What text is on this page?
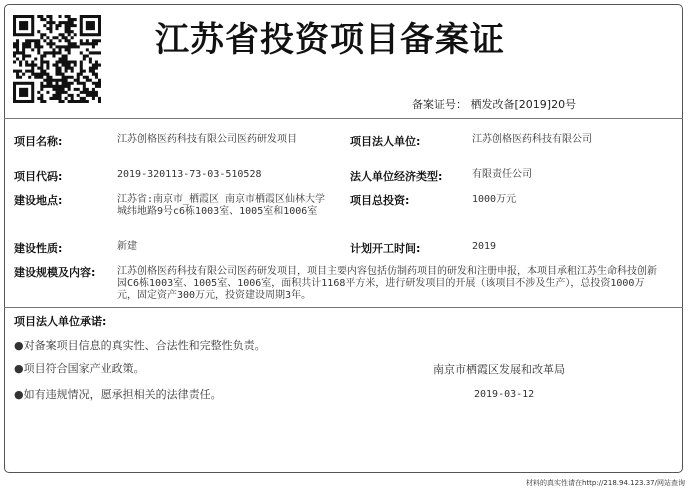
江苏省投资项目备案证
备案证号： 栖发改备[2019]20号
项目名称:	江苏创格医药科技有限公司医药研发项目	项目法人单位:	江苏创格医药科技有限公司
项目代码:	2019-320113-73-03-510528	法人单位经济类型:	有限责任公司
建设地点:	江苏省:南京市_栖霞区 南京市栖霞区仙林大学城纬地路9号c6栋1003室、1005室和1006室
项目总投资:	1000万元
建设性质:	新建	计划开工时间:	2019
建设规模及内容: 江苏创格医药科技有限公司医药研发项目，项目主要内容包括仿制药项目的研发和注册申报，本项目承租江苏生命科技创新园C6栋1003室、1005室、1006室，面积共计1168平方米，进行研发项目的开展（该项目不涉及生产），总投资1000万元，固定资产300万元，投资建设周期3年。
项目法人单位承诺:
●对备案项目信息的真实性、合法性和完整性负责。
●项目符合国家产业政策。
●如有违规情况，愿承担相关的法律责任。
南京市栖霞区发展和改革局
2019-03-12
材料的真实性请在http://218.94.123.37/网站查询
